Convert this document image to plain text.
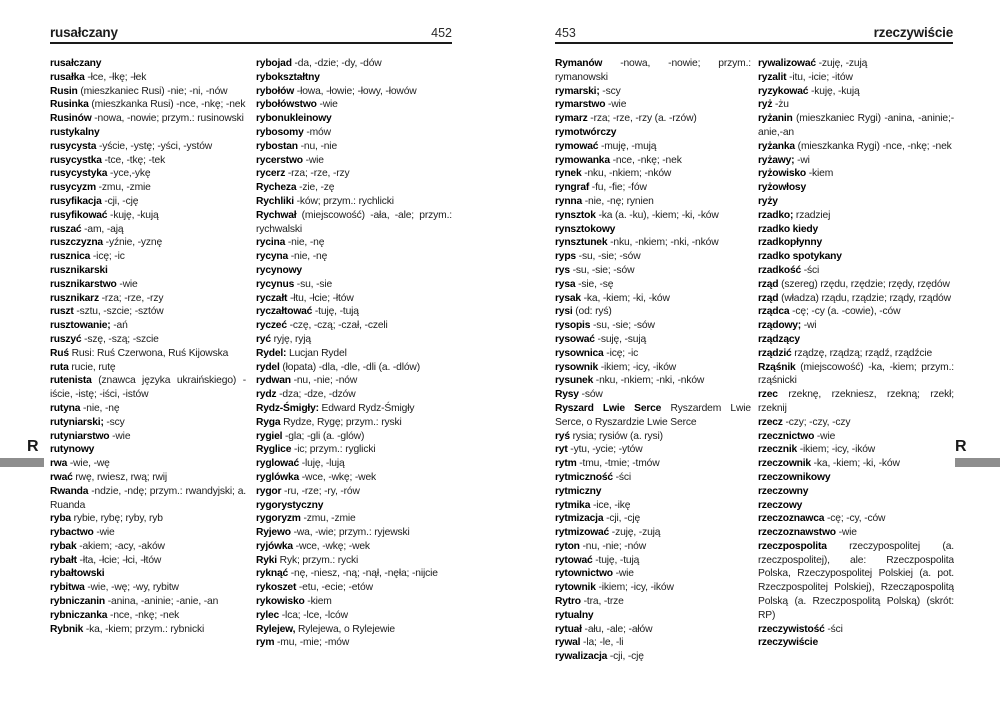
rusałczany	452	453	rzeczywiście
rusałczany
rusałka -łce, -łkę; -łek
Rusin (mieszkaniec Rusi) -nie; -ni, -nów
Rusinka (mieszkanka Rusi) -nce, -nkę; -nek
Rusinów -nowa, -nowie; przym.: rusinowski
rustykalny
rusycysta -yście, -ystę; -yści, -ystów
rusycystka -tce, -tkę; -tek
rusycystyka -yce,-ykę
rusycyzm -zmu, -zmie
rusyfikacja -cji, -cję
rusyfikować -kuję, -kują
ruszać -am, -ają
ruszczyzna -yźnie, -yznę
rusznica -icę; -ic
rusznikarski
rusznikarstwo -wie
rusznikarz -rza; -rze, -rzy
ruszt -sztu, -szcie; -sztów
rusztowanie; -ań
ruszyć -szę, -szą; -szcie
Ruś Rusi: Ruś Czerwona, Ruś Kijowska
ruta rucie, rutę
rutenista (znawca języka ukraińskiego) -iście, -istę; -iści, -istów
rutyna -nie, -nę
rutyniarski; -scy
rutyniarstwo -wie
rutynowy
rwa -wie, -wę
rwać rwę, rwiesz, rwą; rwij
Rwanda -ndzie, -ndę; przym.: rwandyjski; a. Ruanda
ryba rybie, rybę; ryby, ryb
rybactwo -wie
rybak -akiem; -acy, -aków
rybałt -łta, -łcie; -łci, -łtów
rybałtowski
rybitwa -wie, -wę; -wy, rybitw
rybniczanin -anina, -aninie; -anie, -an
rybniczanka -nce, -nkę; -nek
Rybnik -ka, -kiem; przym.: rybnicki
rybojad -da, -dzie; -dy, -dów
rybokształtny
rybołów -łowa, -łowie; -łowy, -łowów
rybołówstwo -wie
rybonukleinowy
rybosomy -mów
rybostan -nu, -nie
rycerstwo -wie
rycerz -rza; -rze, -rzy
Rycheza -zie, -zę
Rychliki -ków; przym.: rychlicki
Rychwał (miejscowość) -ała, -ale; przym.: rychwalski
rycina -nie, -nę
rycyna -nie, -nę
rycynowy
rycynus -su, -sie
ryczałt -łtu, -łcie; -łtów
ryczałtować -tuję, -tują
ryczeć -czę, -czą; -czał, -czeli
ryć ryję, ryją
Rydel: Lucjan Rydel
rydel (łopata) -dla, -dle, -dli (a. -dlów)
rydwan -nu, -nie; -nów
rydz -dza; -dze, -dzów
Rydz-Śmigły: Edward Rydz-Śmigły
Ryga Rydze, Rygę; przym.: ryski
rygiel -gla; -gli (a. -glów)
Ryglice -ic; przym.: ryglicki
ryglować -luję, -lują
ryglówka -wce, -wkę; -wek
rygor -ru, -rze; -ry, -rów
rygorystyczny
rygoryzm -zmu, -zmie
Ryjewo -wa, -wie; przym.: ryjewski
ryjówka -wce, -wkę; -wek
Ryki Ryk; przym.: rycki
ryknąć -nę, -niesz, -ną; -nął, -nęła; -nijcie
rykoszet -etu, -ecie; -etów
rykowisko -kiem
rylec -lca; -lce, -lców
Rylejew, Rylejewa, o Rylejewie
rym -mu, -mie; -mów
Rymanów -nowa, -nowie; przym.: rymanowski
rymarski; -scy
rymarstwo -wie
rymarz -rza; -rze, -rzy (a. -rzów)
rymotwórczy
rymować -muję, -mują
rymowanka -nce, -nkę; -nek
rynek -nku, -nkiem; -nków
ryngraf -fu, -fie; -fów
rynna -nie, -nę; rynien
rynsztok -ka (a. -ku), -kiem; -ki, -ków
rynsztokowy
rynsztunek -nku, -nkiem; -nki, -nków
ryps -su, -sie; -sów
rys -su, -sie; -sów
rysa -sie, -sę
rysak -ka, -kiem; -ki, -ków
rysi (od: ryś)
rysopis -su, -sie; -sów
rysować -suję, -sują
rysownica -icę; -ic
rysownik -ikiem; -icy, -ików
rysunek -nku, -nkiem; -nki, -nków
Rysy -sów
Ryszard Lwie Serce Ryszardem Lwie Serce, o Ryszardzie Lwie Serce
ryś rysia; rysiów (a. rysi)
ryt -ytu, -ycie; -ytów
rytm -tmu, -tmie; -tmów
rytmiczność -ści
rytmiczny
rytmika -ice, -ikę
rytmizacja -cji, -cję
rytmizować -zuję, -zują
ryton -nu, -nie; -nów
rytować -tuję, -tują
rytownictwo -wie
rytownik -ikiem; -icy, -ików
Rytro -tra, -trze
rytualny
rytuał -ału, -ale; -ałów
rywal -la; -le, -li
rywalizacja -cji, -cję
rywalizować -zuję, -zują
ryzalit -itu, -icie; -itów
ryzykować -kuję, -kują
ryż -żu
ryżanin (mieszkaniec Rygi) -anina, -aninie;-anie,-an
ryżanka (mieszkanka Rygi) -nce, -nkę; -nek
ryżawy; -wi
ryżowisko -kiem
ryżowłosy
ryży
rzadko; rzadziej
rzadko kiedy
rzadkopłynny
rzadko spotykany
rzadkość -ści
rząd (szereg) rzędu, rzędzie; rzędy, rzędów
rząd (władza) rządu, rządzie; rządy, rządów
rządca -cę; -cy (a. -cowie), -ców
rządowy; -wi
rządzący
rządzić rządzę, rządzą; rządź, rządźcie
Rząśnik (miejscowość) -ka, -kiem; przym.: rząśnicki
rzec rzeknę, rzekniesz, rzekną; rzekł; rzeknij
rzecz -czy; -czy, -czy
rzecznictwo -wie
rzecznik -ikiem; -icy, -ików
rzeczownik -ka, -kiem; -ki, -ków
rzeczownikowy
rzeczowny
rzeczowy
rzeczoznawca -cę; -cy, -ców
rzeczoznawstwo -wie
rzeczpospolita rzeczypospolitej (a. rzeczpospolitej), ale: Rzeczpospolita Polska, Rzeczypospolitej Polskiej (a. pot. Rzeczpospolitej Polskiej), Rzecząpospolitą Polską (a. Rzeczpospolitą Polską) (skrót: RP)
rzeczywistość -ści
rzeczywiście
R	R
